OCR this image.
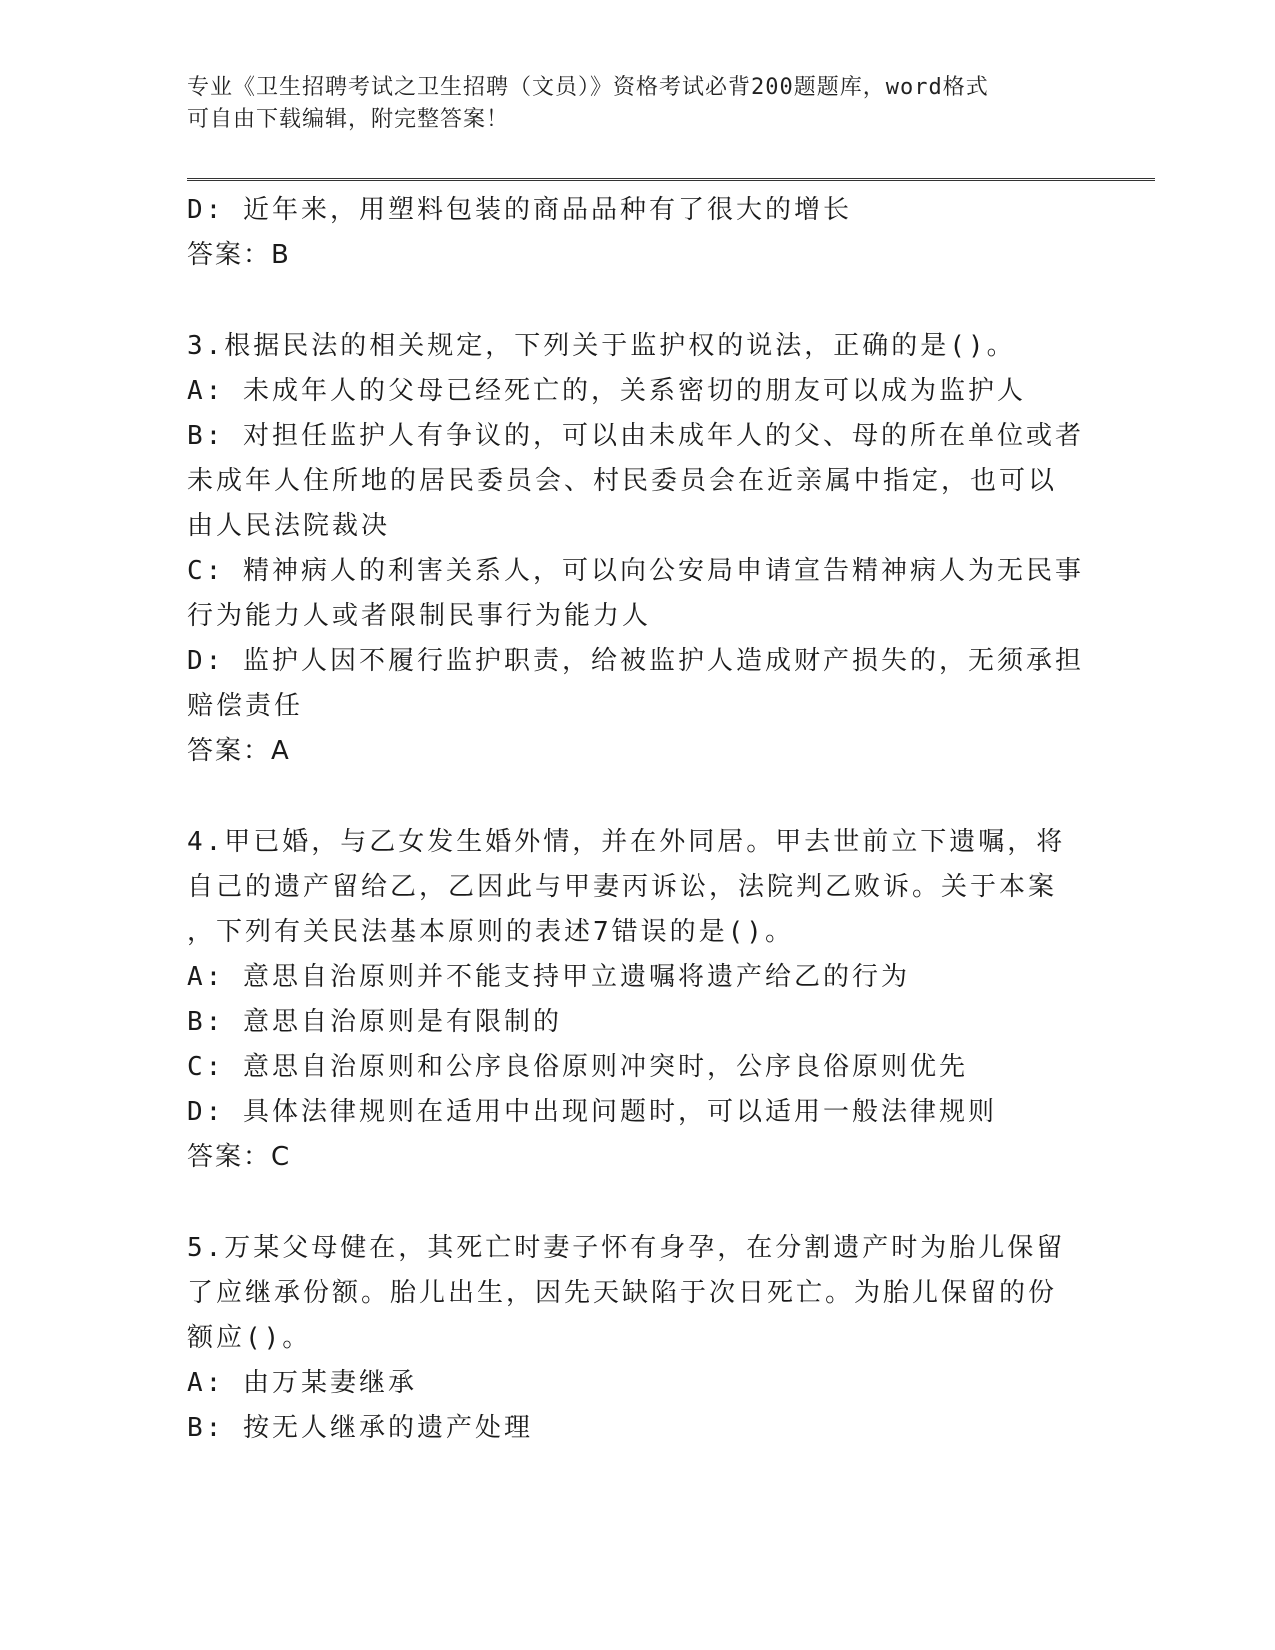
专业《卫生招聘考试之卫生招聘（文员）》资格考试必背200题题库，word格式
可自由下载编辑，附完整答案！
D: 近年来，用塑料包装的商品品种有了很大的增长
答案：B
3.根据民法的相关规定，下列关于监护权的说法，正确的是()。
A: 未成年人的父母已经死亡的，关系密切的朋友可以成为监护人
B: 对担任监护人有争议的，可以由未成年人的父、母的所在单位或者
未成年人住所地的居民委员会、村民委员会在近亲属中指定，也可以
由人民法院裁决
C: 精神病人的利害关系人，可以向公安局申请宣告精神病人为无民事
行为能力人或者限制民事行为能力人
D: 监护人因不履行监护职责，给被监护人造成财产损失的，无须承担
赔偿责任
答案：A
4.甲已婚，与乙女发生婚外情，并在外同居。甲去世前立下遗嘱，将
自己的遗产留给乙，乙因此与甲妻丙诉讼，法院判乙败诉。关于本案
，下列有关民法基本原则的表述7错误的是()。
A: 意思自治原则并不能支持甲立遗嘱将遗产给乙的行为
B: 意思自治原则是有限制的
C: 意思自治原则和公序良俗原则冲突时，公序良俗原则优先
D: 具体法律规则在适用中出现问题时，可以适用一般法律规则
答案：C
5.万某父母健在，其死亡时妻子怀有身孕，在分割遗产时为胎儿保留
了应继承份额。胎儿出生，因先天缺陷于次日死亡。为胎儿保留的份
额应()。
A: 由万某妻继承
B: 按无人继承的遗产处理
